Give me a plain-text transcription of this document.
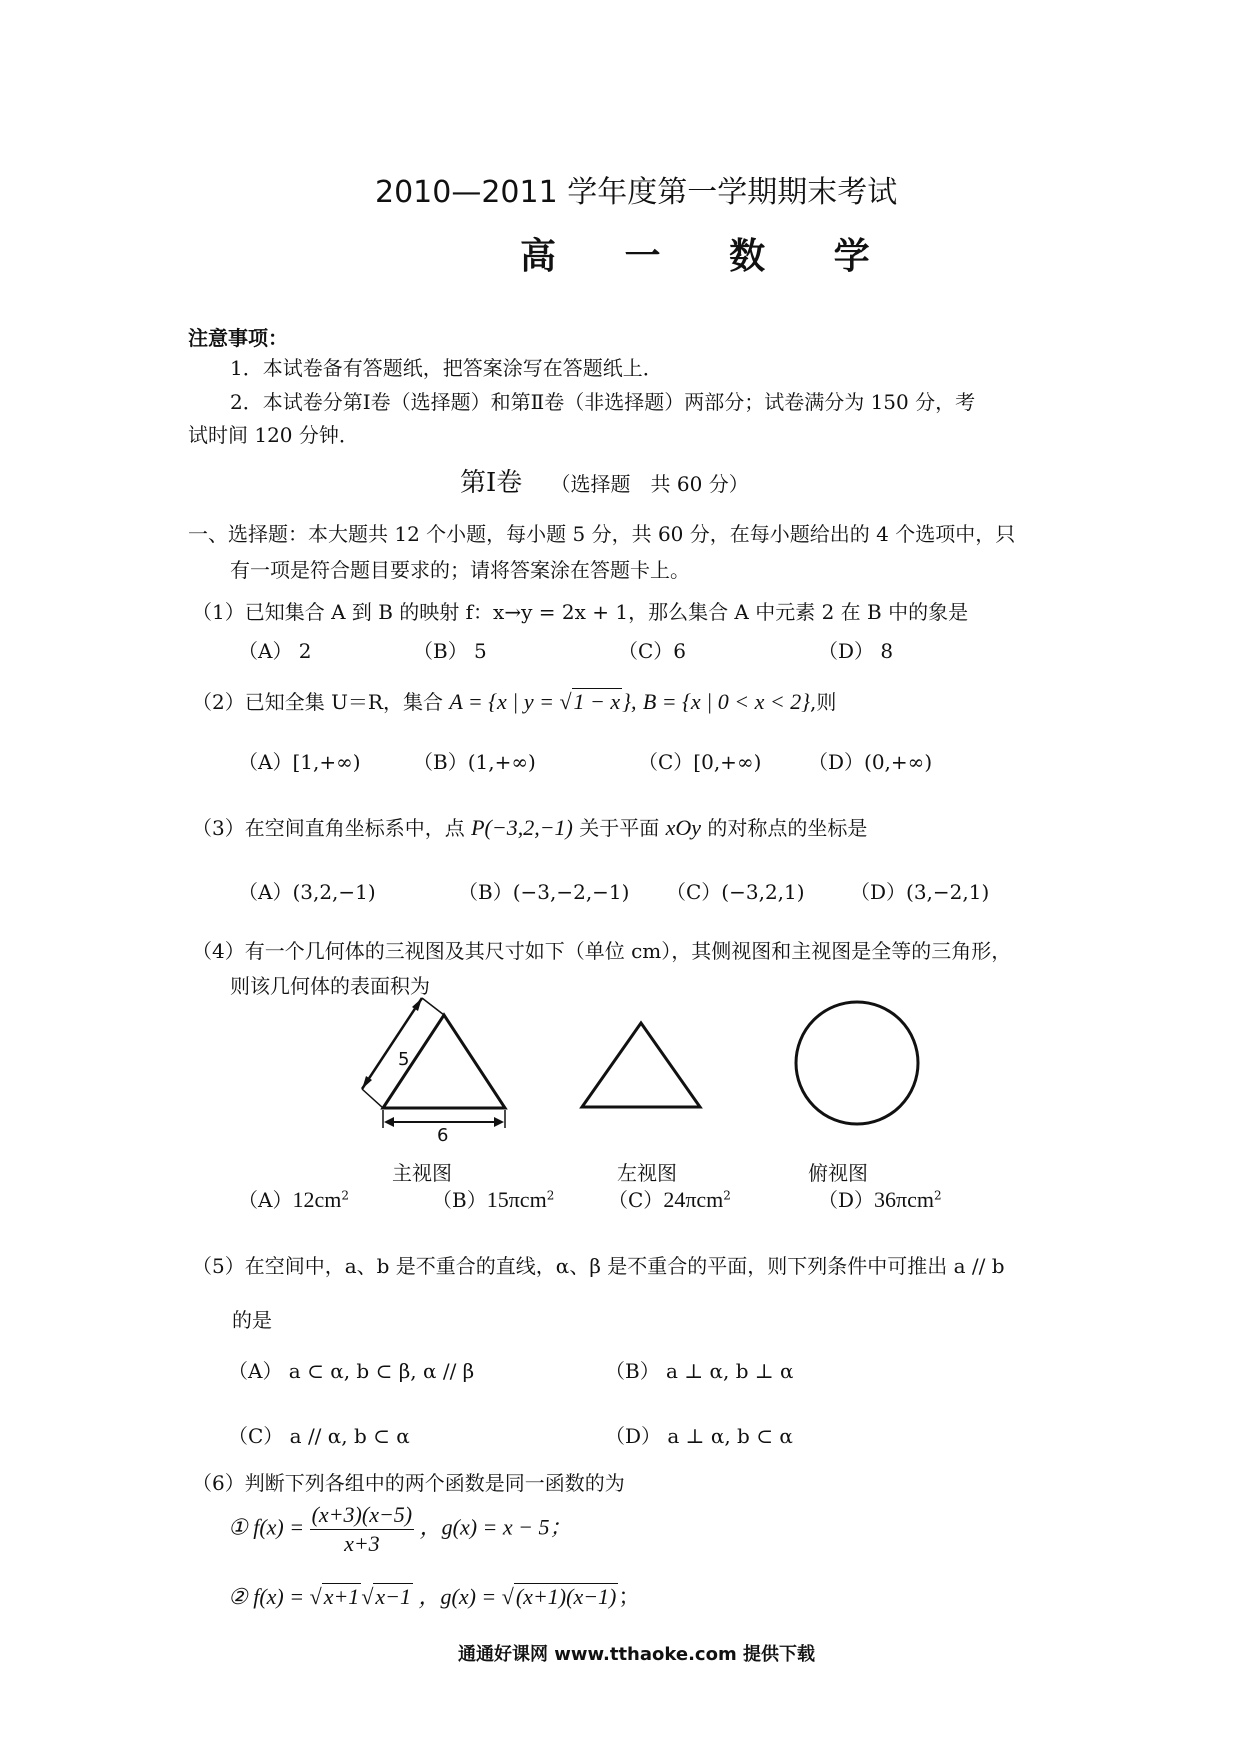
2010—2011 学年度第一学期期末考试
高 一 数 学
注意事项：
1．本试卷备有答题纸，把答案涂写在答题纸上．
2．本试卷分第Ⅰ卷（选择题）和第Ⅱ卷（非选择题）两部分；试卷满分为 150 分，考
试时间 120 分钟．
第Ⅰ卷 （选择题　共 60 分）
一、选择题：本大题共 12 个小题，每小题 5 分，共 60 分，在每小题给出的 4 个选项中，只
有一项是符合题目要求的；请将答案涂在答题卡上。
（1）已知集合 A 到 B 的映射 f：x→y = 2x + 1，那么集合 A 中元素 2 在 B 中的象是
（A） 2	（B） 5	（C）6	（D） 8
（2）已知全集 U＝R，集合 A = {x | y = √1 − x}, B = {x | 0 < x < 2},则
（A）[1,+∞)	（B）(1,+∞)	（C）[0,+∞) （D）(0,+∞)
（3）在空间直角坐标系中，点 P(−3,2,−1) 关于平面 xOy 的对称点的坐标是
（A）(3,2,−1)	（B）(−3,−2,−1) （C）(−3,2,1) （D）(3,−2,1)
（4）有一个几何体的三视图及其尺寸如下（单位 cm），其侧视图和主视图是全等的三角形，
则该几何体的表面积为
5
6
主视图	左视图	俯视图
$(A)12cm^2$	（B）15πcm$^2$	（C）24πcm$^2$	（D）36πcm$^2$
（5）在空间中，a、b 是不重合的直线，α、β 是不重合的平面，则下列条件中可推出 a // b
的是
（A） a ⊂ α, b ⊂ β, α // β	（B） a ⊥ α, b ⊥ α
（C） a // α, b ⊂ α	（D） a ⊥ α, b ⊂ α
（6）判断下列各组中的两个函数是同一函数的为
① $f(x) = \frac{(x+3)(x-5)}{x+3}$ ，g(x) = x − 5；
② f(x) = √x+1√x−1 ，g(x) = √(x+1)(x−1)；
通通好课网 www.tthaoke.com 提供下载
